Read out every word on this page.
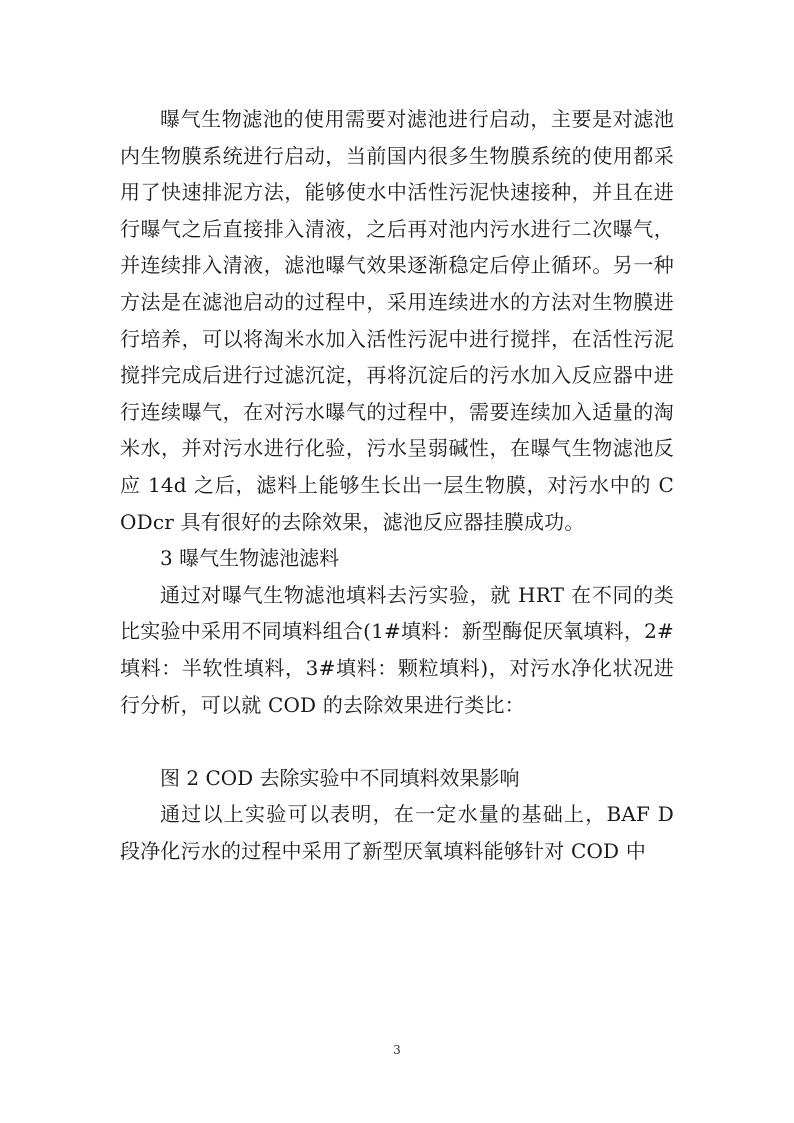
曝气生物滤池的使用需要对滤池进行启动，主要是对滤池内生物膜系统进行启动，当前国内很多生物膜系统的使用都采用了快速排泥方法，能够使水中活性污泥快速接种，并且在进行曝气之后直接排入清液，之后再对池内污水进行二次曝气，并连续排入清液，滤池曝气效果逐渐稳定后停止循环。另一种方法是在滤池启动的过程中，采用连续进水的方法对生物膜进行培养，可以将淘米水加入活性污泥中进行搅拌，在活性污泥搅拌完成后进行过滤沉淀，再将沉淀后的污水加入反应器中进行连续曝气，在对污水曝气的过程中，需要连续加入适量的淘米水，并对污水进行化验，污水呈弱碱性，在曝气生物滤池反应 14d 之后，滤料上能够生长出一层生物膜，对污水中的 CODcr 具有很好的去除效果，滤池反应器挂膜成功。

3 曝气生物滤池滤料

通过对曝气生物滤池填料去污实验，就 HRT 在不同的类比实验中采用不同填料组合(1#填料：新型酶促厌氧填料，2#填料：半软性填料，3#填料：颗粒填料)，对污水净化状况进行分析，可以就 COD 的去除效果进行类比：

图 2 COD 去除实验中不同填料效果影响

通过以上实验可以表明，在一定水量的基础上，BAF D 段净化污水的过程中采用了新型厌氧填料能够针对 COD 中

3
